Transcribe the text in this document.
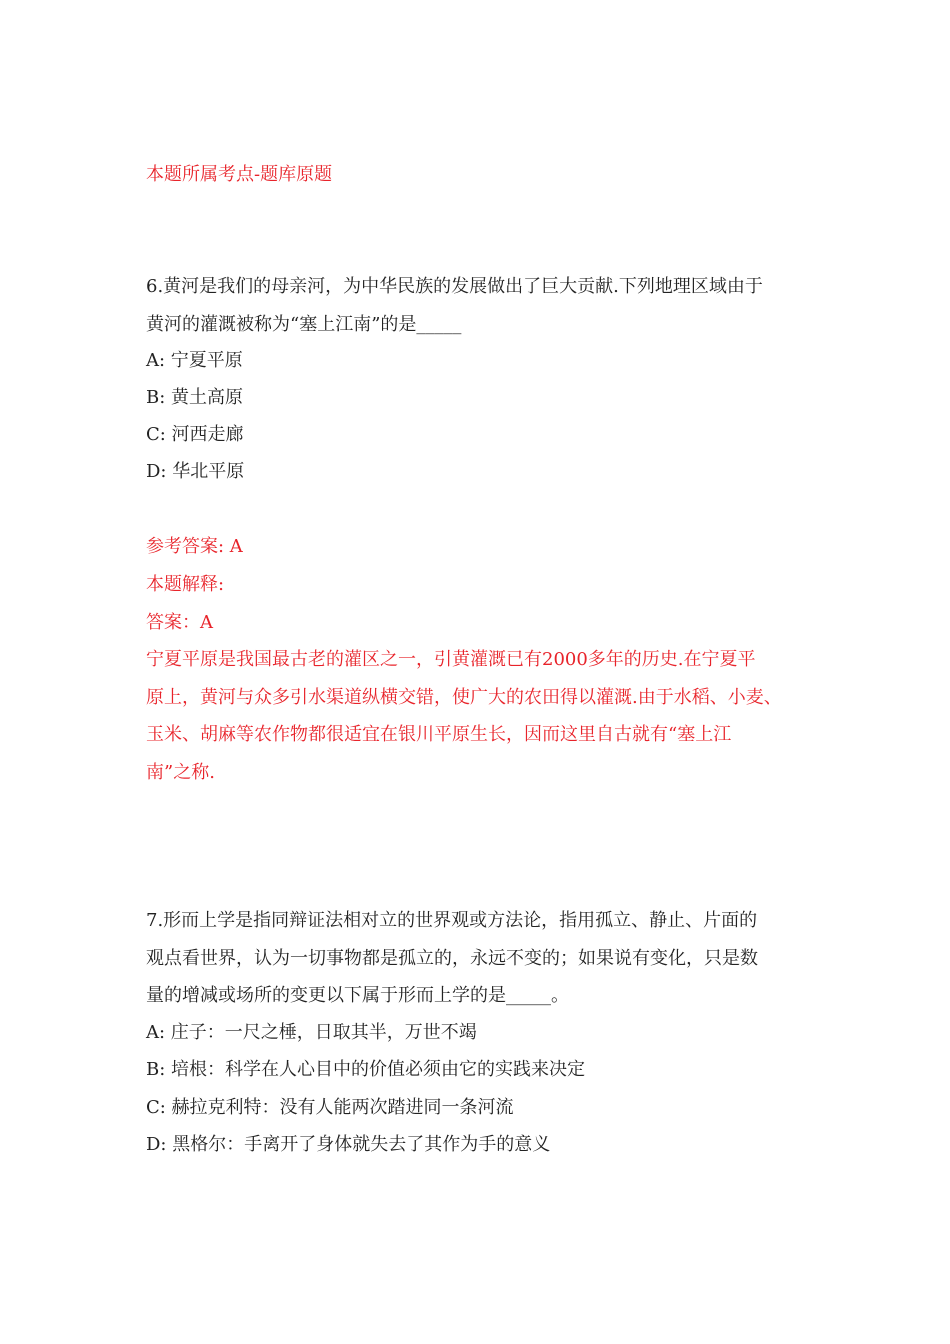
本题所属考点-题库原题
6.黄河是我们的母亲河，为中华民族的发展做出了巨大贡献.下列地理区域由于
黄河的灌溉被称为“塞上江南”的是_____
A: 宁夏平原
B: 黄土高原
C: 河西走廊
D: 华北平原
参考答案: A
本题解释:
答案：A
宁夏平原是我国最古老的灌区之一，引黄灌溉已有2000多年的历史.在宁夏平
原上，黄河与众多引水渠道纵横交错，使广大的农田得以灌溉.由于水稻、小麦、
玉米、胡麻等农作物都很适宜在银川平原生长，因而这里自古就有“塞上江
南”之称.
7.形而上学是指同辩证法相对立的世界观或方法论，指用孤立、静止、片面的
观点看世界，认为一切事物都是孤立的，永远不变的；如果说有变化，只是数
量的增减或场所的变更以下属于形而上学的是_____。
A: 庄子：一尺之棰，日取其半，万世不竭
B: 培根：科学在人心目中的价值必须由它的实践来决定
C: 赫拉克利特：没有人能两次踏进同一条河流
D: 黑格尔：手离开了身体就失去了其作为手的意义
